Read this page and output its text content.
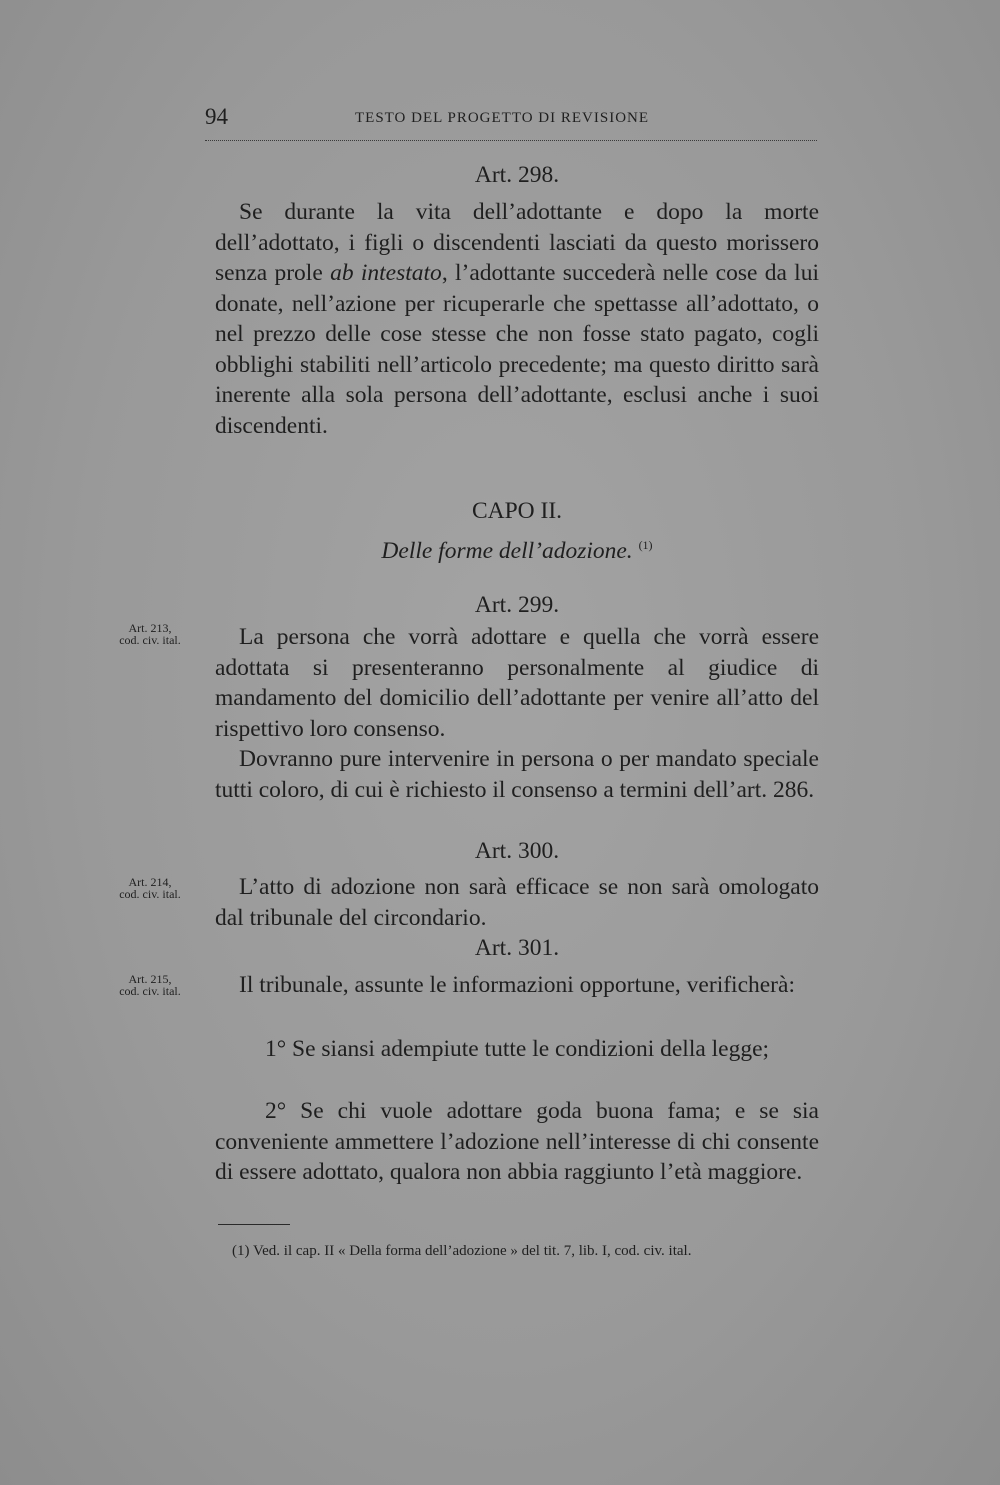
94	TESTO DEL PROGETTO DI REVISIONE
Art. 298.
Se durante la vita dell’adottante e dopo la morte dell’adottato, i figli o discendenti lasciati da questo morissero senza prole ab intestato, l’adottante succederà nelle cose da lui donate, nell’azione per ricuperarle che spettasse all’adottato, o nel prezzo delle cose stesse che non fosse stato pagato, cogli obblighi stabiliti nell’articolo precedente; ma questo diritto sarà inerente alla sola persona dell’adottante, esclusi anche i suoi discendenti.
CAPO II.
Delle forme dell’adozione. $^{(1)}$
Art. 299.
Art. 213,
cod. civ. ital.	La persona che vorrà adottare e quella che vorrà essere adottata si presenteranno personalmente al giudice di mandamento del domicilio dell’adottante per venire all’atto del rispettivo loro consenso.
Dovranno pure intervenire in persona o per mandato speciale tutti coloro, di cui è richiesto il consenso a termini dell’art. 286.
Art. 300.
Art. 214,
cod. civ. ital.	L’atto di adozione non sarà efficace se non sarà omologato dal tribunale del circondario.
Art. 301.
Art. 215,
cod. civ. ital.	Il tribunale, assunte le informazioni opportune, verificherà:
1° Se siansi adempiute tutte le condizioni della legge;
2° Se chi vuole adottare goda buona fama; e se sia conveniente ammettere l’adozione nell’interesse di chi consente di essere adottato, qualora non abbia raggiunto l’età maggiore.
(1) Ved. il cap. II « Della forma dell’adozione » del tit. 7, lib. I, cod. civ. ital.
